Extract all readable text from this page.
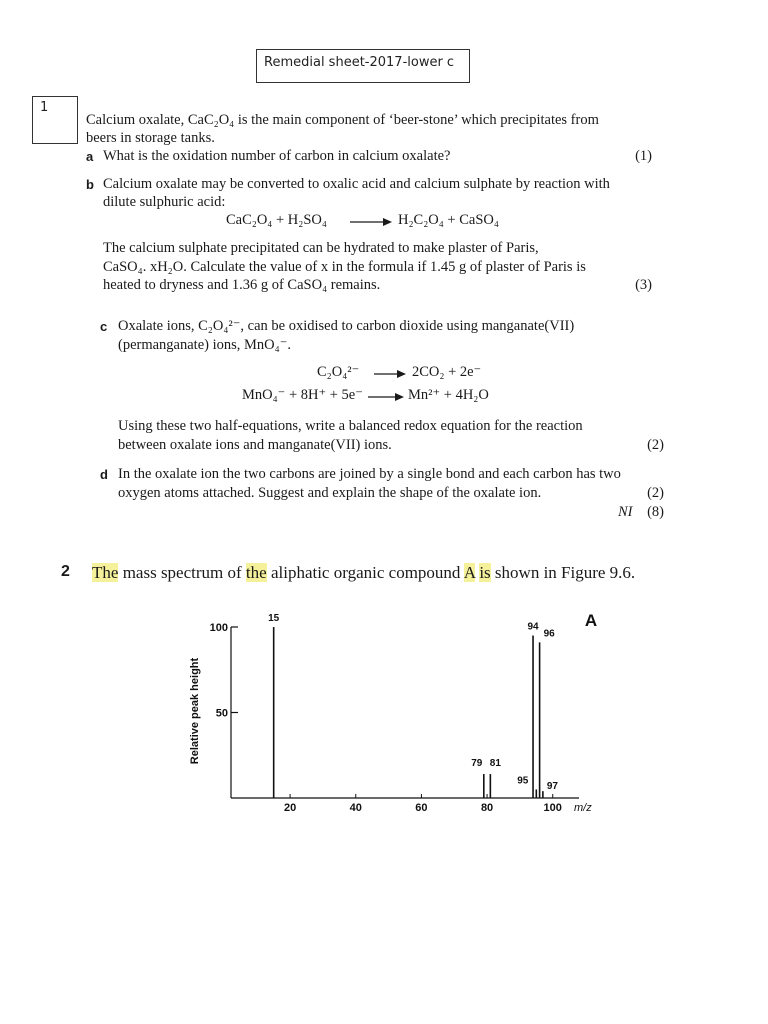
Remedial sheet-2017-lower c
1
Calcium oxalate, CaC₂O₄ is the main component of ‘beer-stone’ which precipitates from
beers in storage tanks.
a What is the oxidation number of carbon in calcium oxalate?	(1)
b Calcium oxalate may be converted to oxalic acid and calcium sulphate by reaction with
dilute sulphuric acid:
CaC₂O₄ + H₂SO₄	H₂C₂O₄ + CaSO₄
The calcium sulphate precipitated can be hydrated to make plaster of Paris,
CaSO₄. xH₂O. Calculate the value of x in the formula if 1.45 g of plaster of Paris is
heated to dryness and 1.36 g of CaSO₄ remains.	(3)
c Oxalate ions, C₂O₄²⁻, can be oxidised to carbon dioxide using manganate(VII)
(permanganate) ions, MnO₄⁻.
C₂O₄²⁻	2CO₂ + 2e⁻
MnO₄⁻ + 8H⁺ + 5e⁻	Mn²⁺ + 4H₂O
Using these two half-equations, write a balanced redox equation for the reaction
between oxalate ions and manganate(VII) ions.	(2)
d In the oxalate ion the two carbons are joined by a single bond and each carbon has two
oxygen atoms attached. Suggest and explain the shape of the oxalate ion.	(2)
NI	(8)
2 The mass spectrum of the aliphatic organic compound A is shown in Figure 9.6.
A
Relative peak height 50
100
20	40	60	80	100
15
79 81
94
95
96
97
m/z
